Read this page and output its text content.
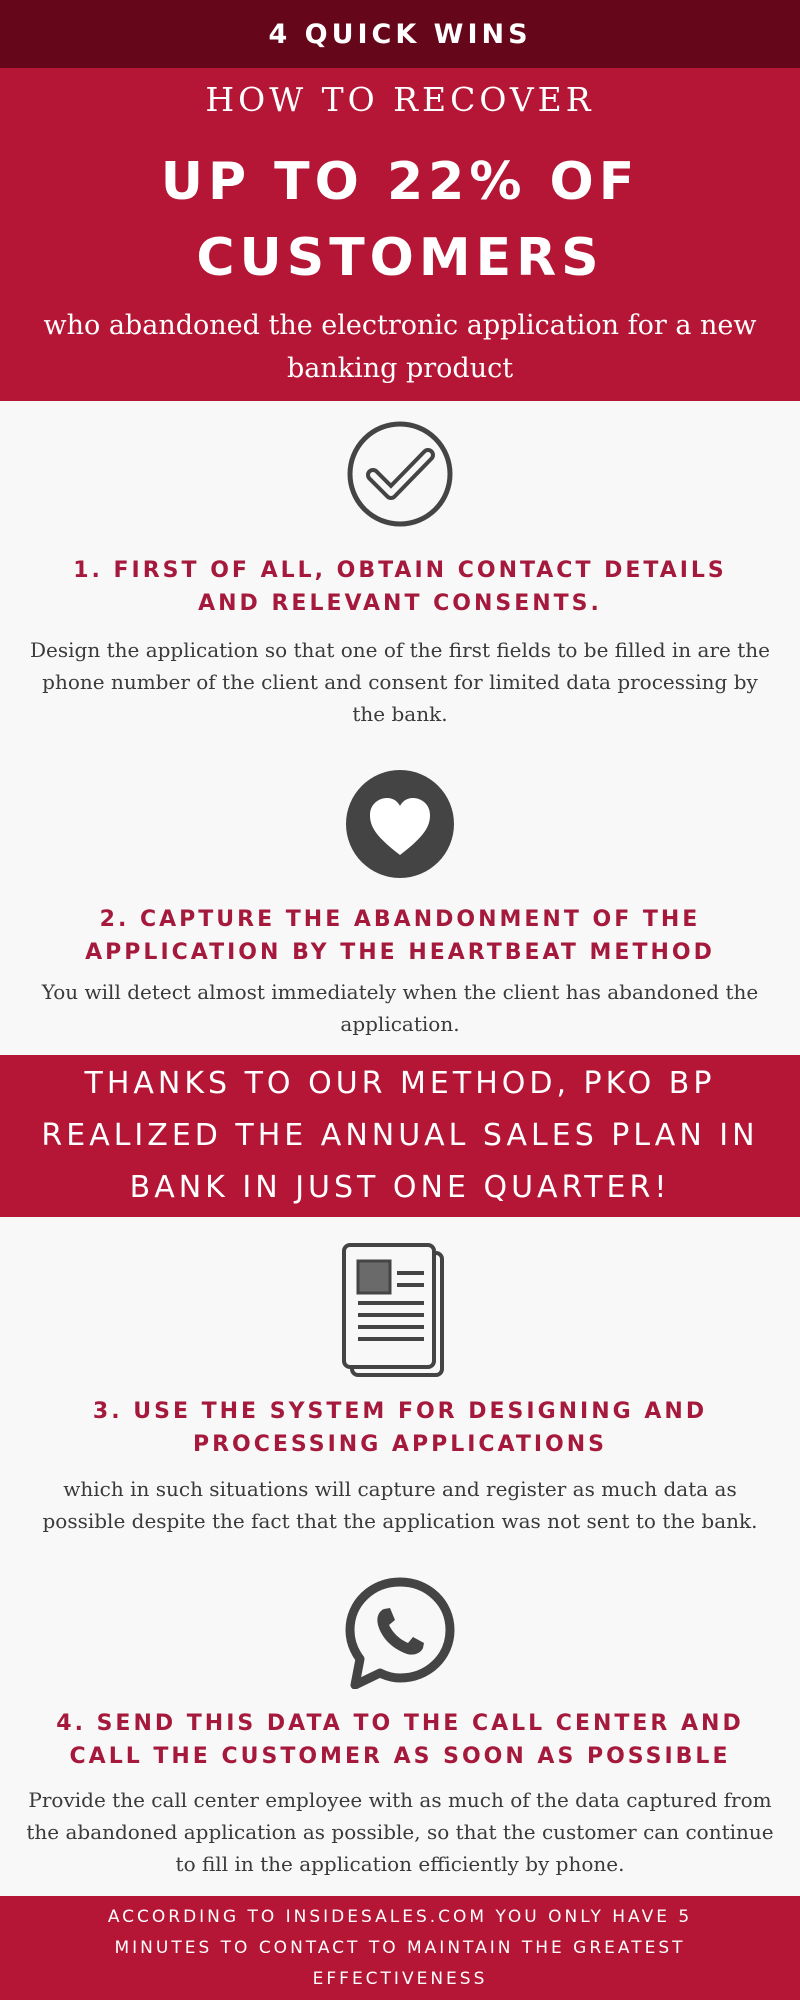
4 QUICK WINS
HOW TO RECOVER
UP TO 22% OF CUSTOMERS
who abandoned the electronic application for a new banking product
1. FIRST OF ALL, OBTAIN CONTACT DETAILS AND RELEVANT CONSENTS.
Design the application so that one of the first fields to be filled in are the phone number of the client and consent for limited data processing by the bank.
2. CAPTURE THE ABANDONMENT OF THE APPLICATION BY THE HEARTBEAT METHOD
You will detect almost immediately when the client has abandoned the application.
THANKS TO OUR METHOD, PKO BP REALIZED THE ANNUAL SALES PLAN IN BANK IN JUST ONE QUARTER!
3. USE THE SYSTEM FOR DESIGNING AND PROCESSING APPLICATIONS
which in such situations will capture and register as much data as possible despite the fact that the application was not sent to the bank.
4. SEND THIS DATA TO THE CALL CENTER AND CALL THE CUSTOMER AS SOON AS POSSIBLE
Provide the call center employee with as much of the data captured from the abandoned application as possible, so that the customer can continue to fill in the application efficiently by phone.
ACCORDING TO INSIDESALES.COM YOU ONLY HAVE 5 MINUTES TO CONTACT TO MAINTAIN THE GREATEST EFFECTIVENESS
